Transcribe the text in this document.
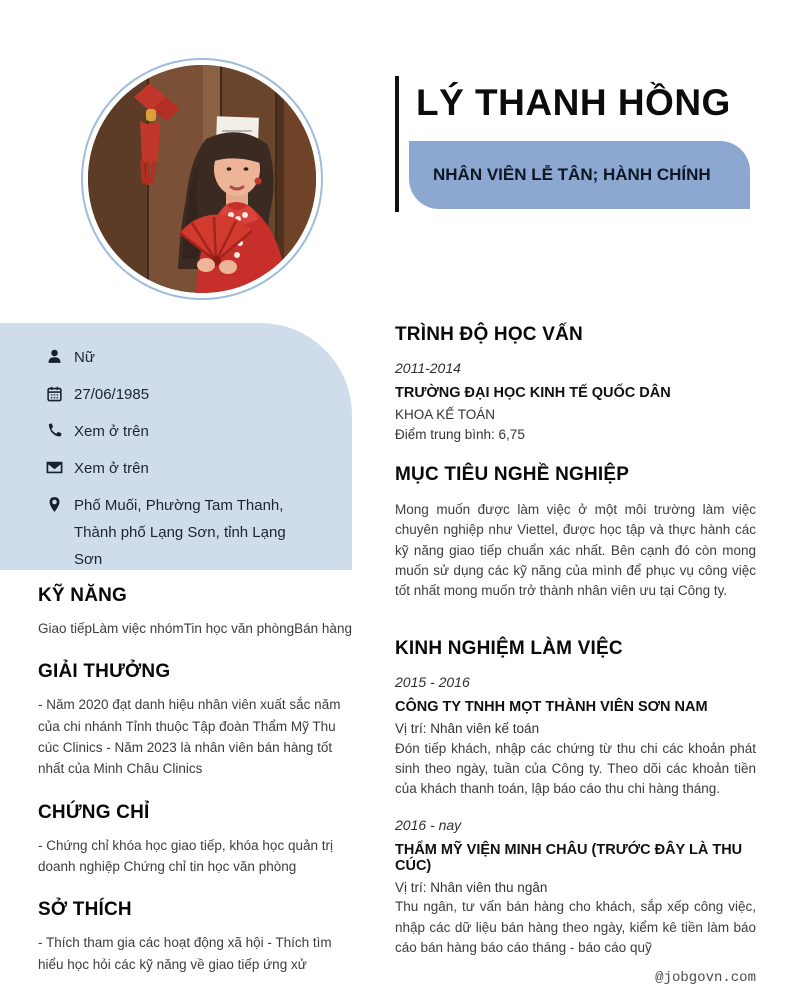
LÝ THANH HỒNG
NHÂN VIÊN LỄ TÂN; HÀNH CHÍNH
Nữ
27/06/1985
Xem ở trên
Xem ở trên
Phố Muối, Phường Tam Thanh, Thành phố Lạng Sơn, tỉnh Lạng Sơn
KỸ NĂNG
Giao tiếpLàm việc nhómTin học văn phòngBán hàng
GIẢI THƯỞNG
- Năm 2020 đạt danh hiệu nhân viên xuất sắc năm của chi nhánh Tỉnh thuộc Tập đoàn Thẩm Mỹ Thu cúc Clinics - Năm 2023 là nhân viên bán hàng tốt nhất của Minh Châu Clinics
CHỨNG CHỈ
- Chứng chỉ khóa học giao tiếp, khóa học quản trị doanh nghiệp Chứng chỉ tin học văn phòng
SỞ THÍCH
- Thích tham gia các hoạt động xã hội - Thích tìm hiểu học hỏi các kỹ năng về giao tiếp ứng xử
TRÌNH ĐỘ HỌC VẤN
2011-2014
TRƯỜNG ĐẠI HỌC KINH TẾ QUỐC DÂN
KHOA KẾ TOÁN
Điểm trung bình: 6,75
MỤC TIÊU NGHỀ NGHIỆP
Mong muốn được làm việc ở một môi trường làm việc chuyên nghiệp như Viettel, được học tập và thực hành các kỹ năng giao tiếp chuẩn xác nhất. Bên cạnh đó còn mong muốn sử dụng các kỹ năng của mình để phục vụ công việc tốt nhất mong muốn trở thành nhân viên ưu tại Công ty.
KINH NGHIỆM LÀM VIỆC
2015 - 2016
CÔNG TY TNHH MỌT THÀNH VIÊN SƠN NAM
Vị trí: Nhân viên kế toán
Đón tiếp khách, nhập các chứng từ thu chi các khoản phát sinh theo ngày, tuần của Công ty. Theo dõi các khoản tiền của khách thanh toán, lập báo cáo thu chi hàng tháng.
2016 - nay
THẨM MỸ VIỆN MINH CHÂU (TRƯỚC ĐÂY LÀ THU CÚC)
Vị trí: Nhân viên thu ngân
Thu ngân, tư vấn bán hàng cho khách, sắp xếp công việc, nhập các dữ liệu bán hàng theo ngày, kiểm kê tiền làm báo cáo bán hàng báo cáo tháng - báo cáo quỹ
@jobgovn.com
